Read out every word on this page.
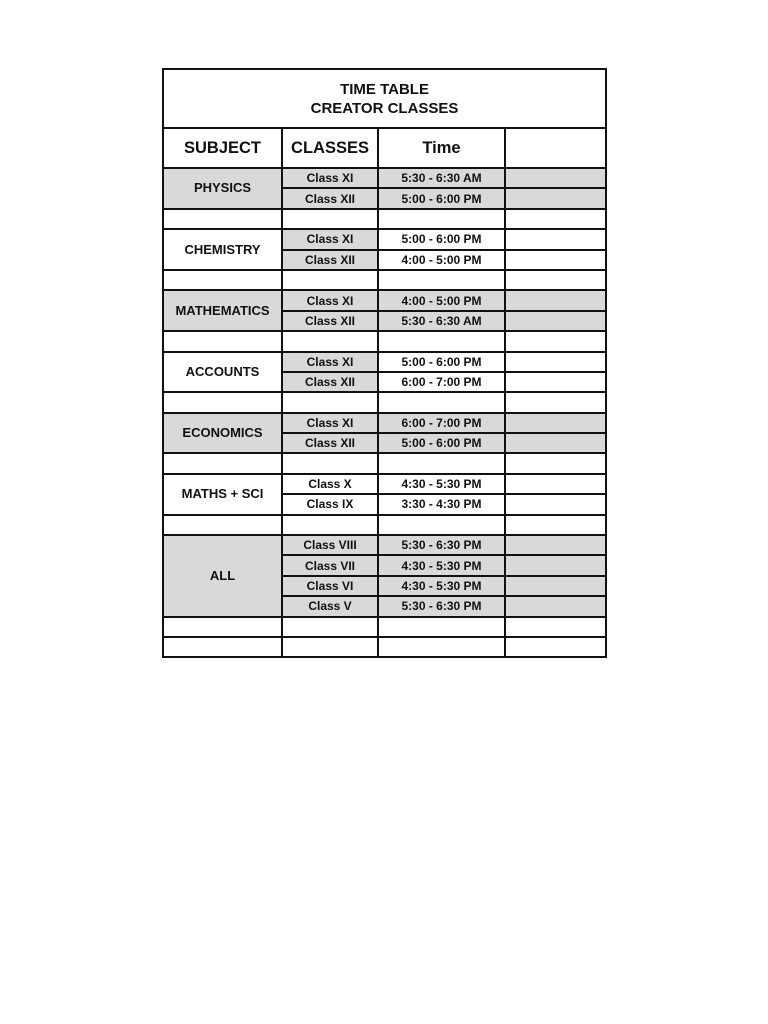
TIME TABLE
CREATOR CLASSES			

SUBJECT	CLASSES	Time	
PHYSICS	Class XI	5:30 - 6:30 AM	
	Class XII	5:00 - 6:00 PM	

CHEMISTRY	Class XI	5:00 - 6:00 PM	
	Class XII	4:00 - 5:00 PM	

MATHEMATICS	Class XI	4:00 - 5:00 PM	
	Class XII	5:30 - 6:30 AM	

ACCOUNTS	Class XI	5:00 - 6:00 PM	
	Class XII	6:00 - 7:00 PM	

ECONOMICS	Class XI	6:00 - 7:00 PM	
	Class XII	5:00 - 6:00 PM	

MATHS + SCI	Class X	4:30 - 5:30 PM	
	Class IX	3:30 - 4:30 PM	

ALL	Class VIII	5:30 - 6:30 PM	
	Class VII	4:30 - 5:30 PM	
	Class VI	4:30 - 5:30 PM	
	Class V	5:30 - 6:30 PM	
